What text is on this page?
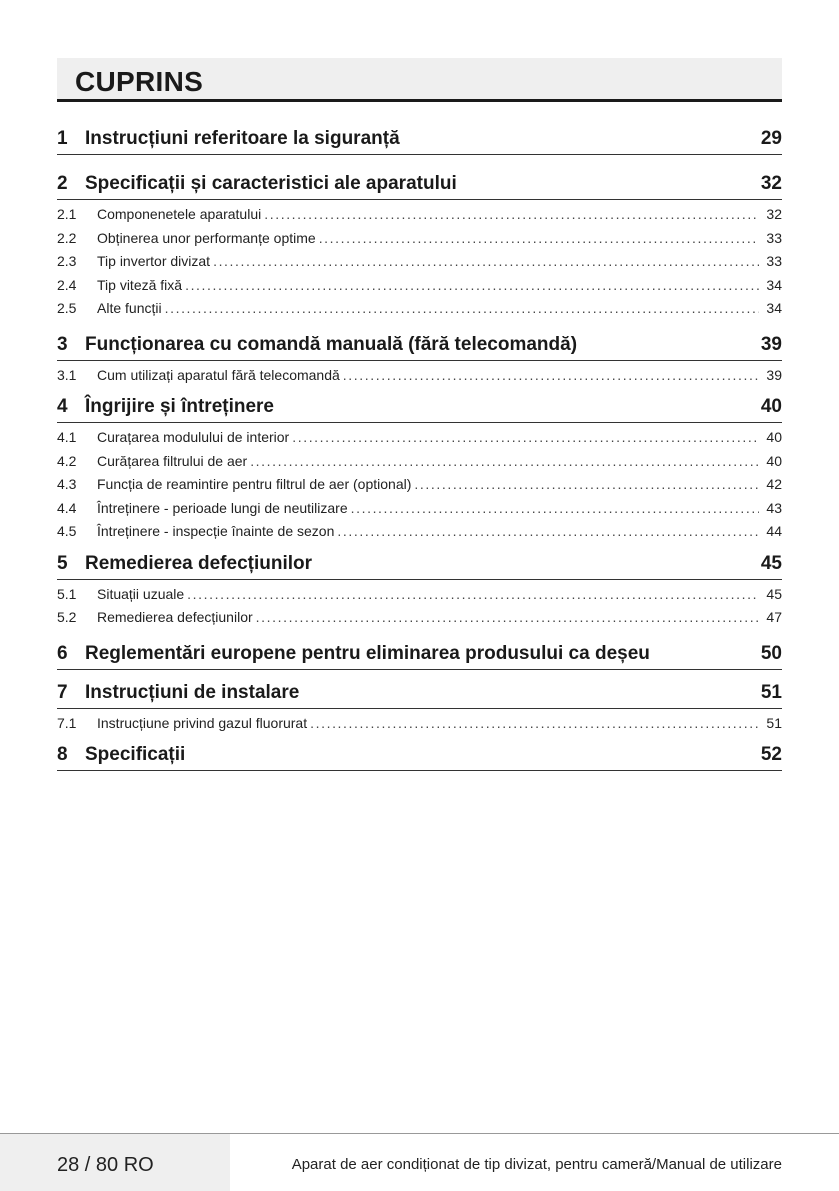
CUPRINS
1 Instrucțiuni referitoare la siguranță	29
2 Specificații și caracteristici ale aparatului	32
2.1	Componenetele aparatului .....	32
2.2	Obținerea unor performanțe optime .....	33
2.3	Tip invertor divizat .....	33
2.4	Tip viteză fixă .....	34
2.5	Alte funcții .....	34
3 Funcționarea cu comandă manuală (fără telecomandă)	39
3.1	Cum utilizați aparatul fără telecomandă .....	39
4 Îngrijire și întreținere	40
4.1	Curațarea modulului de interior .....	40
4.2	Curățarea filtrului de aer .....	40
4.3	Funcția de reamintire pentru filtrul de aer (optional) .....	42
4.4	Întreținere - perioade lungi de neutilizare .....	43
4.5	Întreținere - inspecție înainte de sezon .....	44
5 Remedierea defecțiunilor	45
5.1	Situații uzuale .....	45
5.2	Remedierea defecțiunilor .....	47
6 Reglementări europene pentru eliminarea produsului ca deșeu	50
7 Instrucțiuni de instalare	51
7.1	Instrucțiune privind gazul fluorurat .....	51
8 Specificații	52
28 / 80 RO	Aparat de aer condiționat de tip divizat, pentru cameră/Manual de utilizare
